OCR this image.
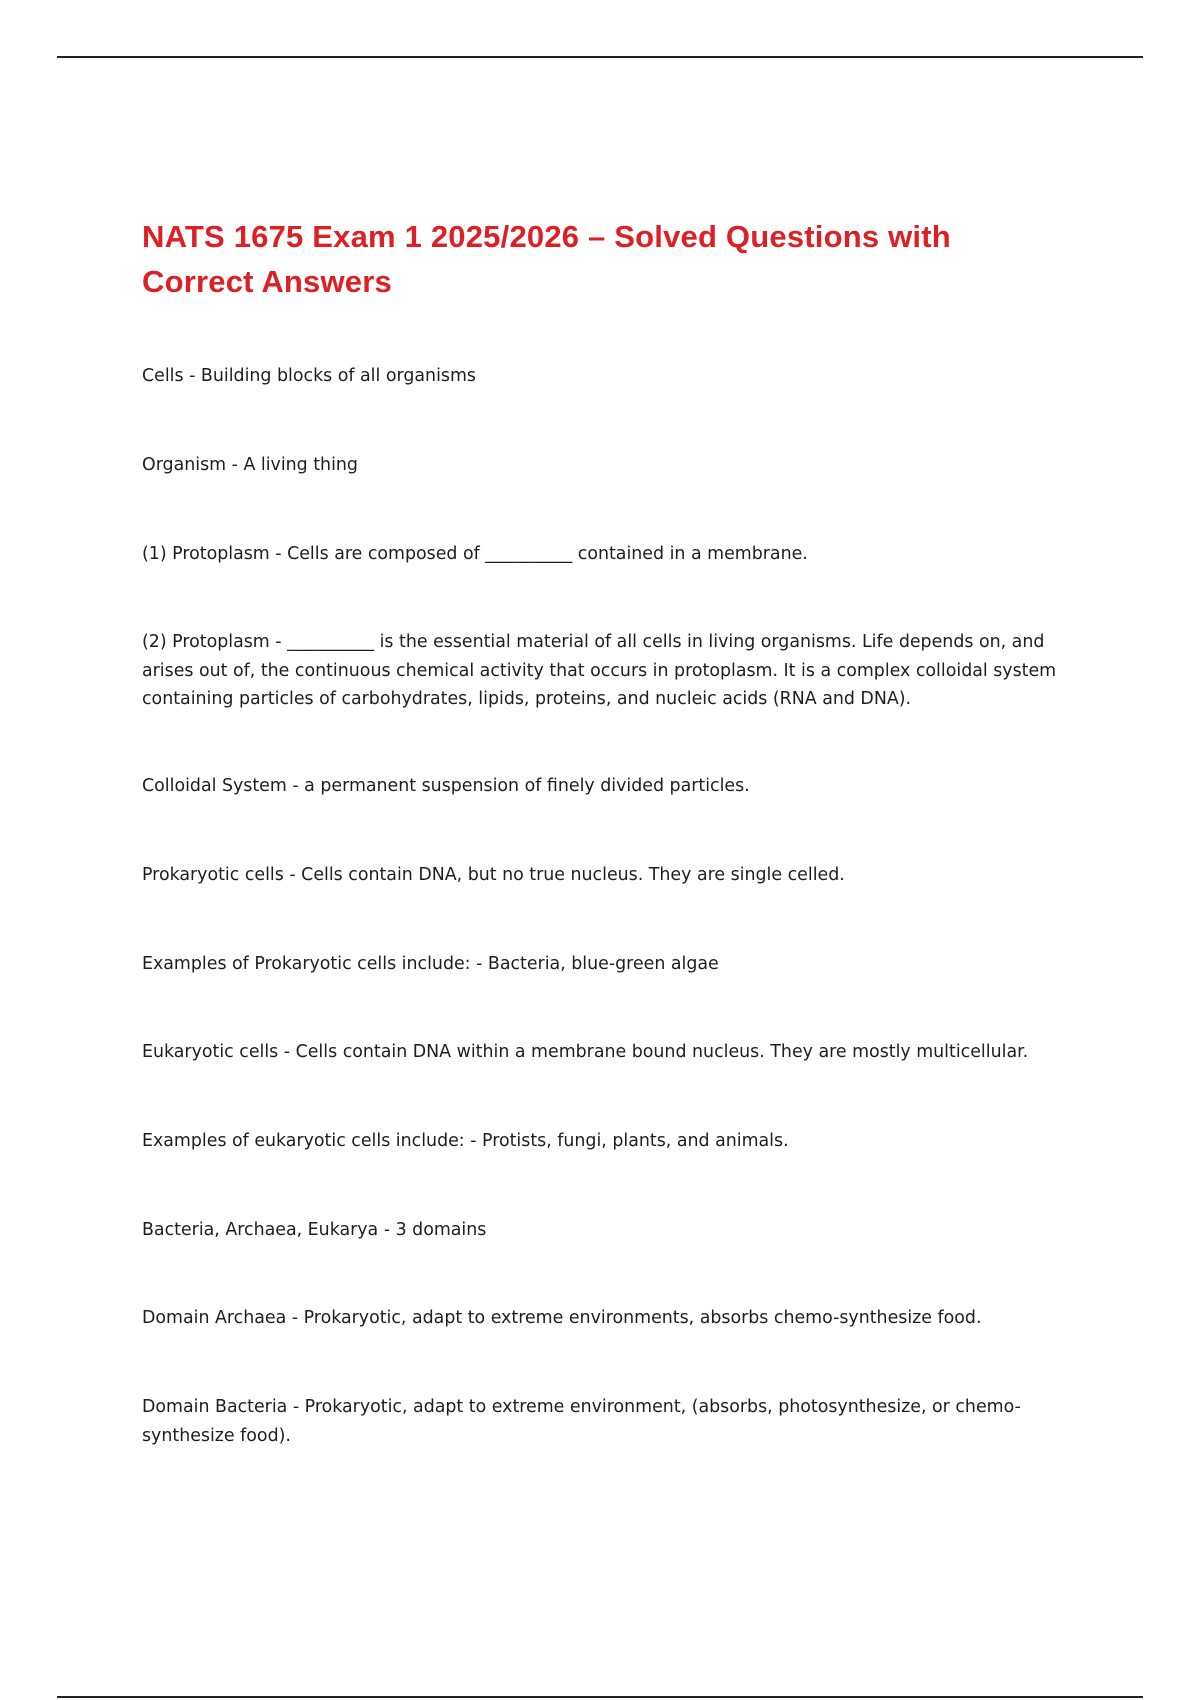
NATS 1675 Exam 1 2025/2026 – Solved Questions with Correct Answers

Cells - Building blocks of all organisms

Organism - A living thing

(1) Protoplasm - Cells are composed of __________ contained in a membrane.

(2) Protoplasm - __________ is the essential material of all cells in living organisms. Life depends on, and arises out of, the continuous chemical activity that occurs in protoplasm. It is a complex colloidal system containing particles of carbohydrates, lipids, proteins, and nucleic acids (RNA and DNA).

Colloidal System - a permanent suspension of finely divided particles.

Prokaryotic cells - Cells contain DNA, but no true nucleus. They are single celled.

Examples of Prokaryotic cells include: - Bacteria, blue-green algae

Eukaryotic cells - Cells contain DNA within a membrane bound nucleus. They are mostly multicellular.

Examples of eukaryotic cells include: - Protists, fungi, plants, and animals.

Bacteria, Archaea, Eukarya - 3 domains

Domain Archaea - Prokaryotic, adapt to extreme environments, absorbs chemo-synthesize food.

Domain Bacteria - Prokaryotic, adapt to extreme environment, (absorbs, photosynthesize, or chemo-synthesize food).
